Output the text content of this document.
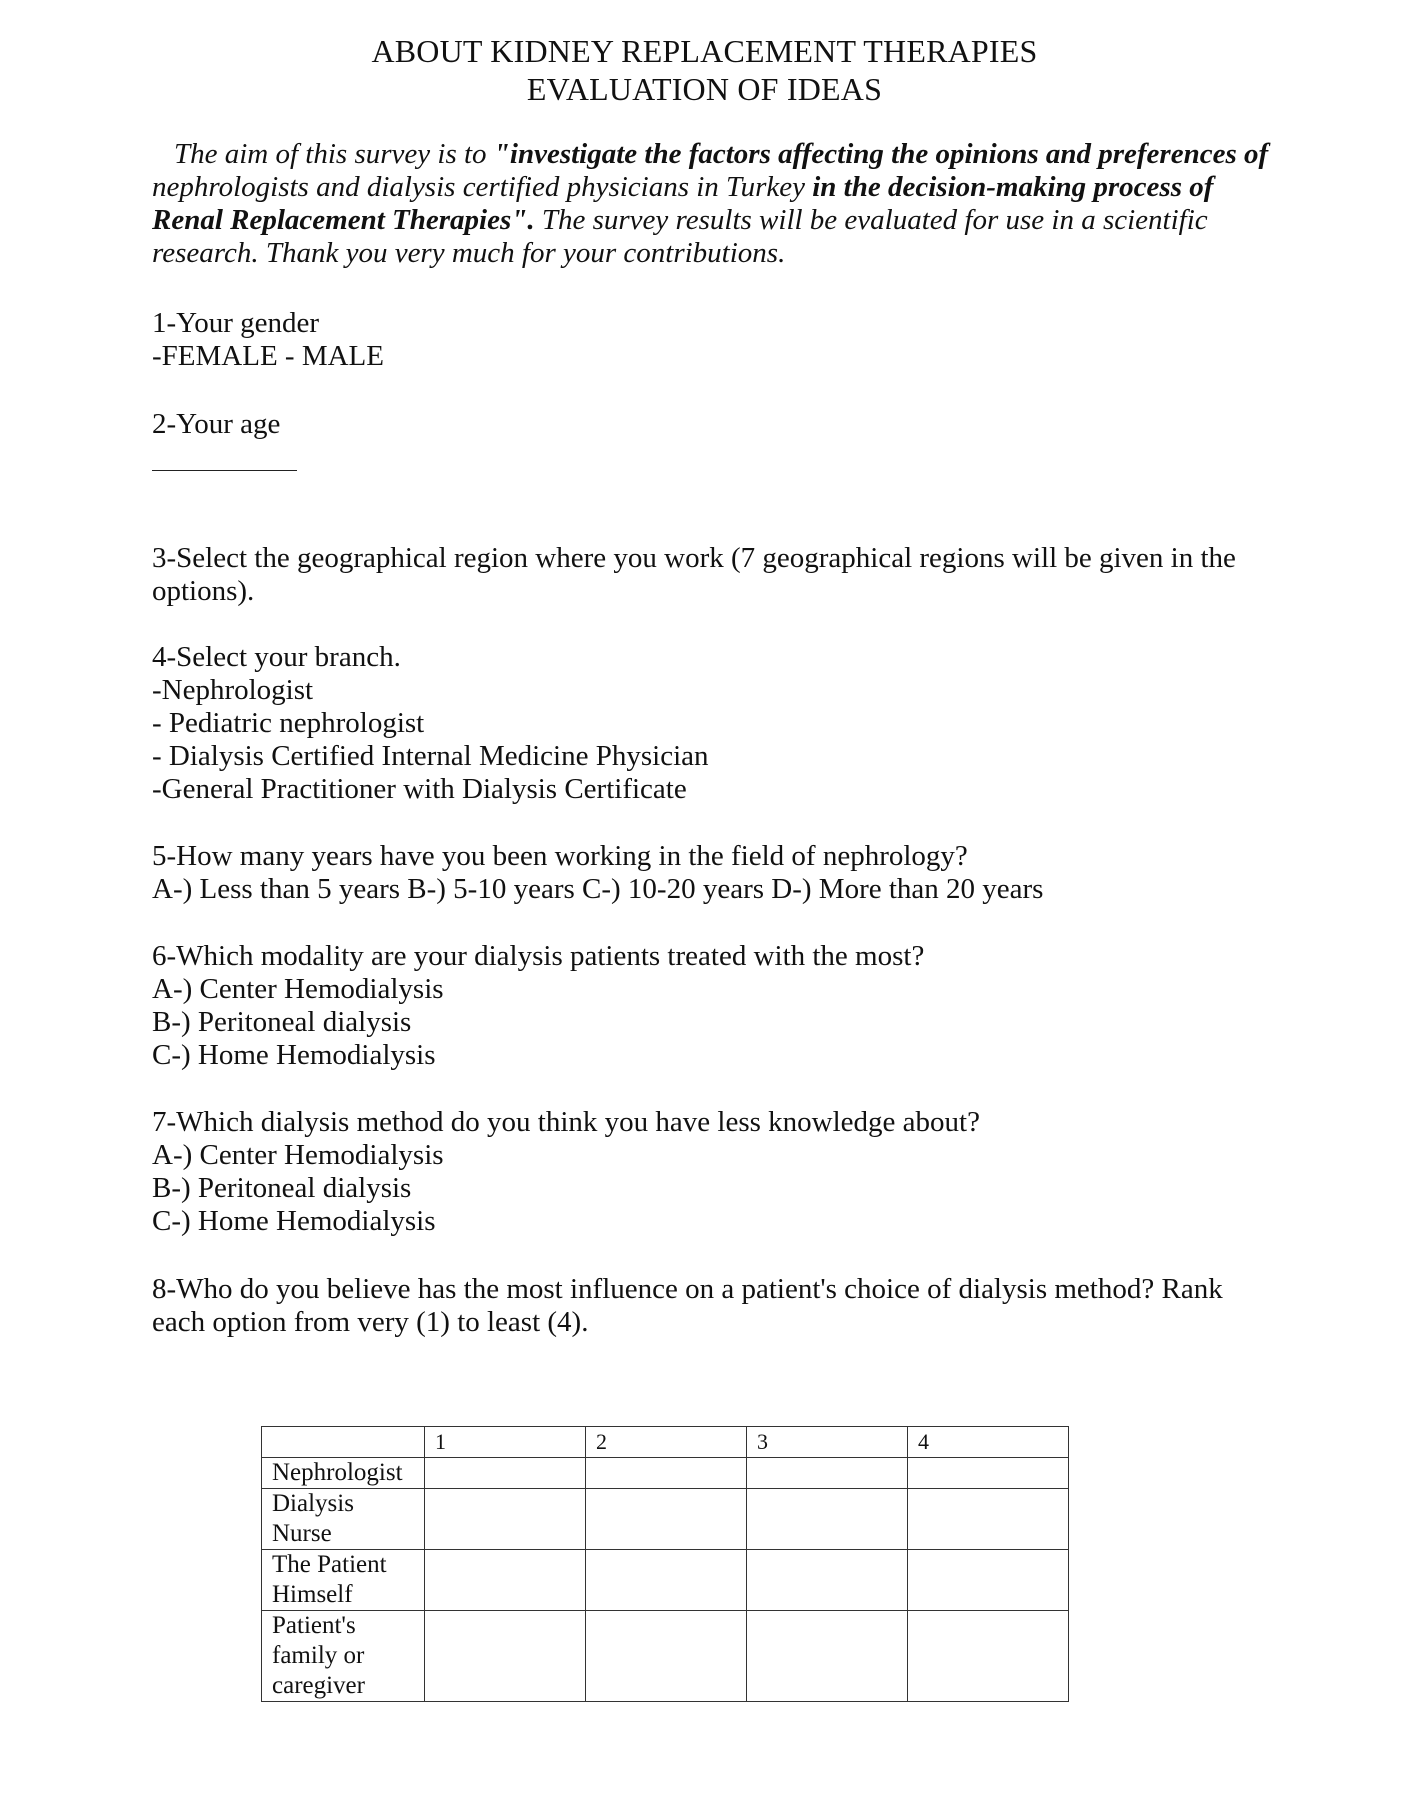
ABOUT KIDNEY REPLACEMENT THERAPIES
EVALUATION OF IDEAS

The aim of this survey is to "investigate the factors affecting the opinions and preferences of nephrologists and dialysis certified physicians in Turkey in the decision-making process of Renal Replacement Therapies". The survey results will be evaluated for use in a scientific research. Thank you very much for your contributions.

1-Your gender
-FEMALE - MALE
2-Your age
3-Select the geographical region where you work (7 geographical regions will be given in the
options).
4-Select your branch.
-Nephrologist
- Pediatric nephrologist
- Dialysis Certified Internal Medicine Physician
-General Practitioner with Dialysis Certificate
5-How many years have you been working in the field of nephrology?
A-) Less than 5 years B-) 5-10 years C-) 10-20 years D-) More than 20 years
6-Which modality are your dialysis patients treated with the most?
A-) Center Hemodialysis
B-) Peritoneal dialysis
C-) Home Hemodialysis
7-Which dialysis method do you think you have less knowledge about?
A-) Center Hemodialysis
B-) Peritoneal dialysis
C-) Home Hemodialysis
8-Who do you believe has the most influence on a patient's choice of dialysis method? Rank
each option from very (1) to least (4).
	1	2	3	4
Nephrologist				
Dialysis Nurse				
The Patient Himself				
Patient's family or caregiver				
